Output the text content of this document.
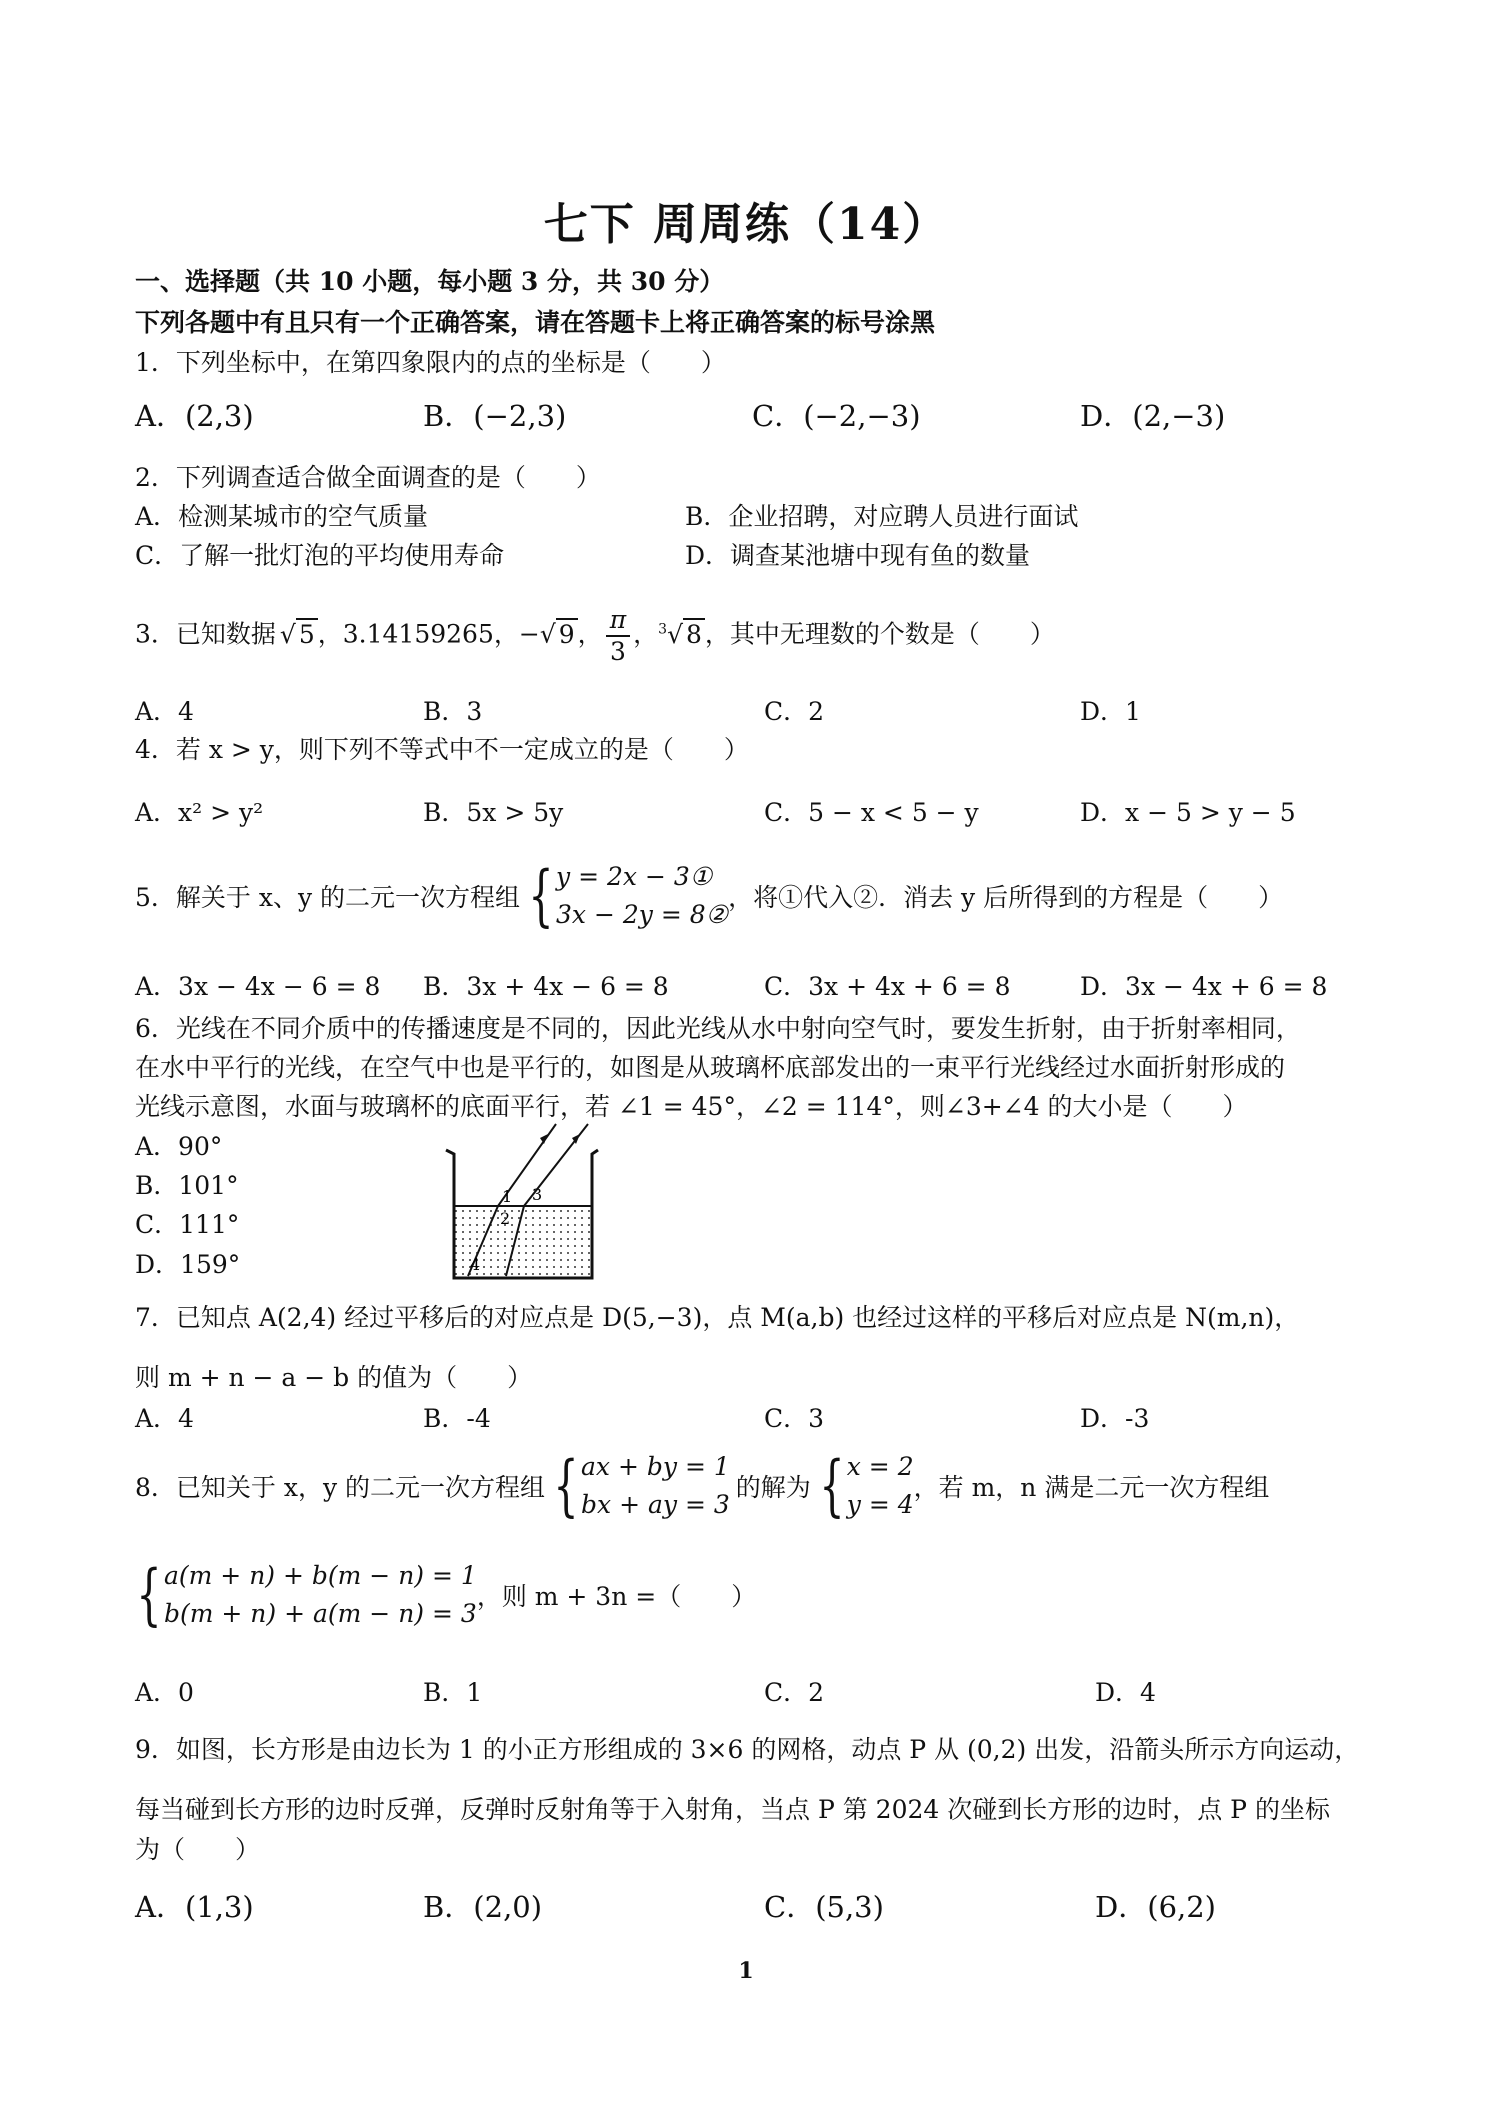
七下 周周练（14）
一、选择题（共 10 小题，每小题 3 分，共 30 分）
下列各题中有且只有一个正确答案，请在答题卡上将正确答案的标号涂黑
1．下列坐标中，在第四象限内的点的坐标是（　　）
A．(2,3)	B．(−2,3)	C．(−2,−3)	D．(2,−3)
2．下列调查适合做全面调查的是（　　）
A．检测某城市的空气质量	B．企业招聘，对应聘人员进行面试
C．了解一批灯泡的平均使用寿命	D．调查某池塘中现有鱼的数量
3．已知数据 √ 5 ，3.14159265，−√ 9 ， $\frac{\pi}{3}$ ，$^3$√ 8 ，其中无理数的个数是（　　）
A．4	B．3	C．2	D．1
4．若 x > y，则下列不等式中不一定成立的是（　　）
A．x² > y²	B．5x > 5y	C．5 − x < 5 − y	D．x − 5 > y − 5
5．解关于 x、y 的二元一次方程组 { y = 2x − 3①
3x − 2y = 8②
，将①代入②．消去 y 后所得到的方程是（　　）
A．3x − 4x − 6 = 8 B．3x + 4x − 6 = 8	C．3x + 4x + 6 = 8	D．3x − 4x + 6 = 8
6．光线在不同介质中的传播速度是不同的，因此光线从水中射向空气时，要发生折射，由于折射率相同，
在水中平行的光线，在空气中也是平行的，如图是从玻璃杯底部发出的一束平行光线经过水面折射形成的
光线示意图，水面与玻璃杯的底面平行，若 ∠1 = 45°，∠2 = 114°，则∠3+∠4 的大小是（　　）
A．90°
B．101°
C．111°
D．159°
1
2
3
4
7．已知点 A(2,4) 经过平移后的对应点是 D(5,−3)，点 M(a,b) 也经过这样的平移后对应点是 N(m,n)，
则 m + n − a − b 的值为（　　）
A．4	B．-4	C．3	D．-3
8．已知关于 x，y 的二元一次方程组 { ax + by = 1
bx + ay = 3
的解为 { x = 2
y = 4
，若 m，n 满是二元一次方程组
{ a(m + n) + b(m − n) = 1
b(m + n) + a(m − n) = 3
，则 m + 3n =（　　）
A．0	B．1	C．2	D．4
9．如图，长方形是由边长为 1 的小正方形组成的 3×6 的网格，动点 P 从 (0,2) 出发，沿箭头所示方向运动，
每当碰到长方形的边时反弹，反弹时反射角等于入射角，当点 P 第 2024 次碰到长方形的边时，点 P 的坐标
为（　　）
A．(1,3)	B．(2,0)	C．(5,3)	D．(6,2)
1
